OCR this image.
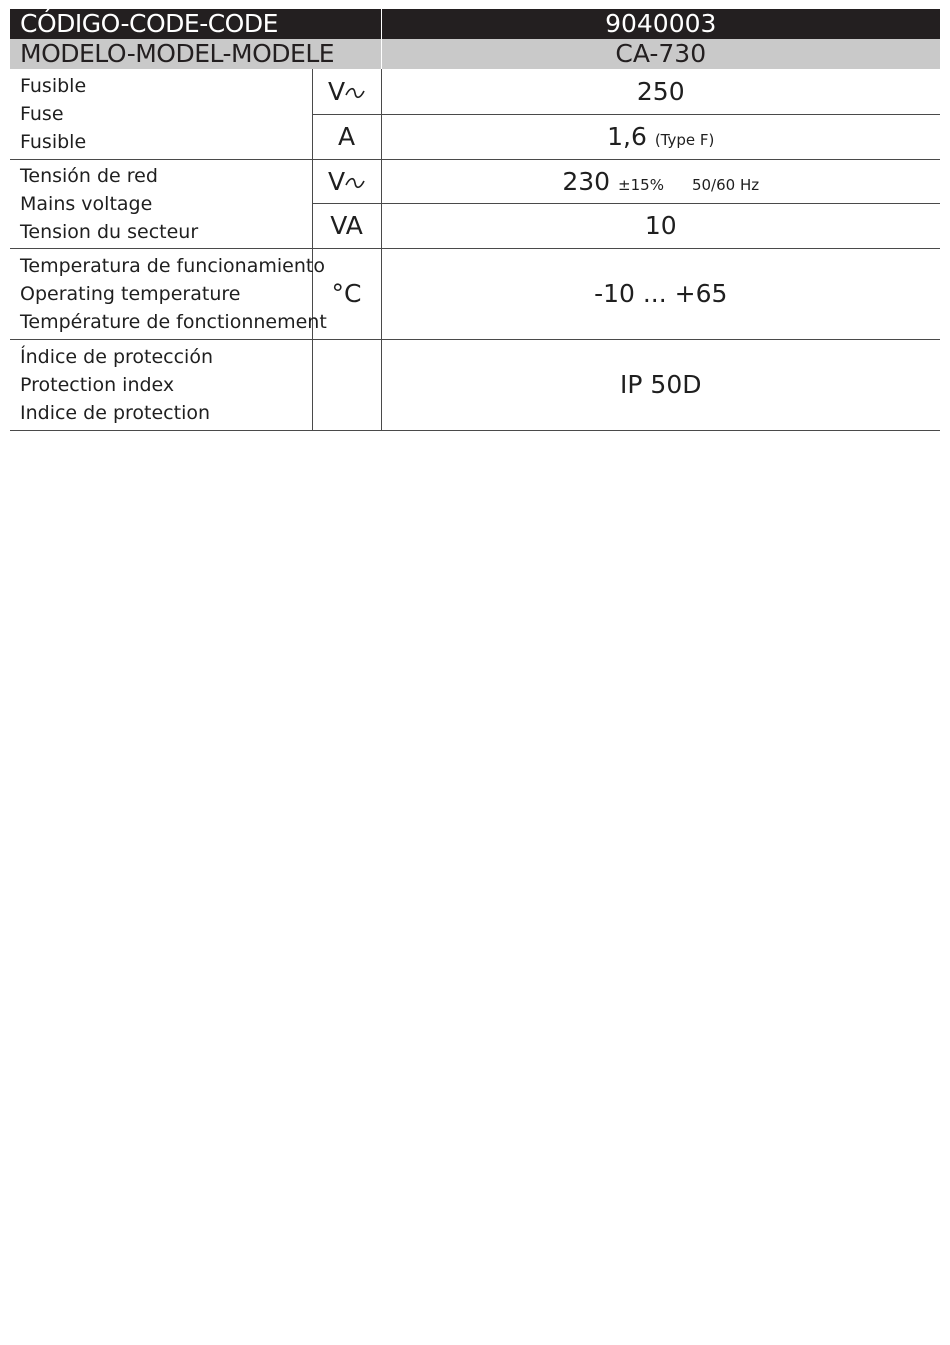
CÓDIGO-CODE-CODE		9040003
MODELO-MODEL-MODELE		CA-730

Fusible
Fuse
Fusible	V	250
	A	1,6 (Type F)

Tensión de red
Mains voltage
Tension du secteur	V	230 ±15% 50/60 Hz
	VA	10

Temperatura de funcionamiento
Operating temperature
Température de fonctionnement	°C	-10 ... +65

Índice de protección
Protection index
Indice de protection		IP 50D
